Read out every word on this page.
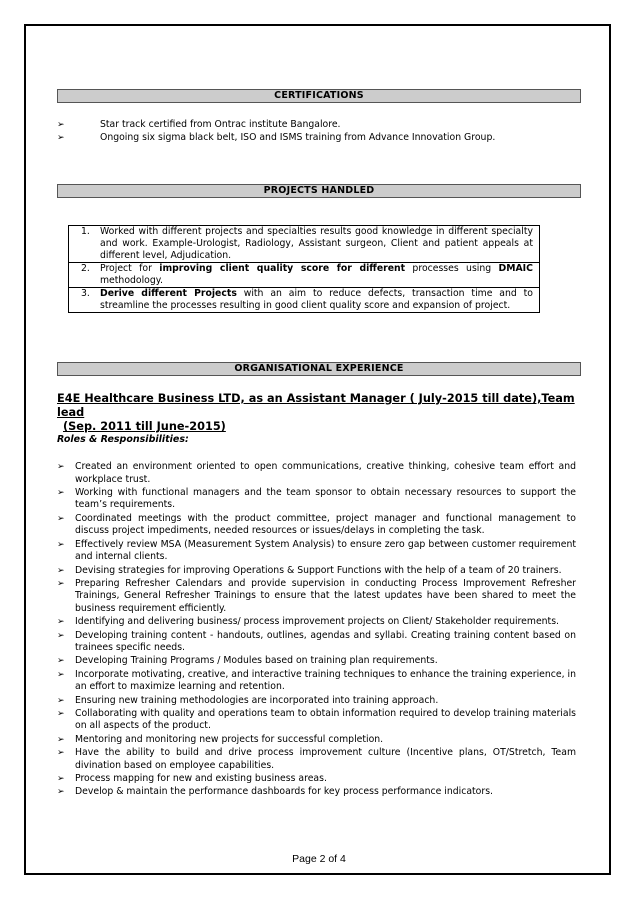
CERTIFICATIONS
➢	Star track certified from Ontrac institute Bangalore.
➢	Ongoing six sigma black belt, ISO and ISMS training from Advance Innovation Group.
PROJECTS HANDLED
1. Worked with different projects and specialties results good knowledge in different specialty and work. Example-Urologist, Radiology, Assistant surgeon, Client and patient appeals at different level, Adjudication.
2. Project for improving client quality score for different processes using DMAIC methodology.
3. Derive different Projects with an aim to reduce defects, transaction time and to streamline the processes resulting in good client quality score and expansion of project.
ORGANISATIONAL EXPERIENCE
E4E Healthcare Business LTD, as an Assistant Manager ( July-2015 till date),Team lead
(Sep. 2011 till June-2015)
Roles & Responsibilities:
➢ Created an environment oriented to open communications, creative thinking, cohesive team effort and workplace trust.
➢ Working with functional managers and the team sponsor to obtain necessary resources to support the team’s requirements.
➢ Coordinated meetings with the product committee, project manager and functional management to discuss project impediments, needed resources or issues/delays in completing the task.
➢ Effectively review MSA (Measurement System Analysis) to ensure zero gap between customer requirement and internal clients.
➢ Devising strategies for improving Operations & Support Functions with the help of a team of 20 trainers.
➢ Preparing Refresher Calendars and provide supervision in conducting Process Improvement Refresher Trainings, General Refresher Trainings to ensure that the latest updates have been shared to meet the business requirement efficiently.
➢ Identifying and delivering business/ process improvement projects on Client/ Stakeholder requirements.
➢ Developing training content - handouts, outlines, agendas and syllabi. Creating training content based on trainees specific needs.
➢ Developing Training Programs / Modules based on training plan requirements.
➢ Incorporate motivating, creative, and interactive training techniques to enhance the training experience, in an effort to maximize learning and retention.
➢ Ensuring new training methodologies are incorporated into training approach.
➢ Collaborating with quality and operations team to obtain information required to develop training materials on all aspects of the product.
➢ Mentoring and monitoring new projects for successful completion.
➢ Have the ability to build and drive process improvement culture (Incentive plans, OT/Stretch, Team divination based on employee capabilities.
➢ Process mapping for new and existing business areas.
➢ Develop & maintain the performance dashboards for key process performance indicators.
Page 2 of 4
